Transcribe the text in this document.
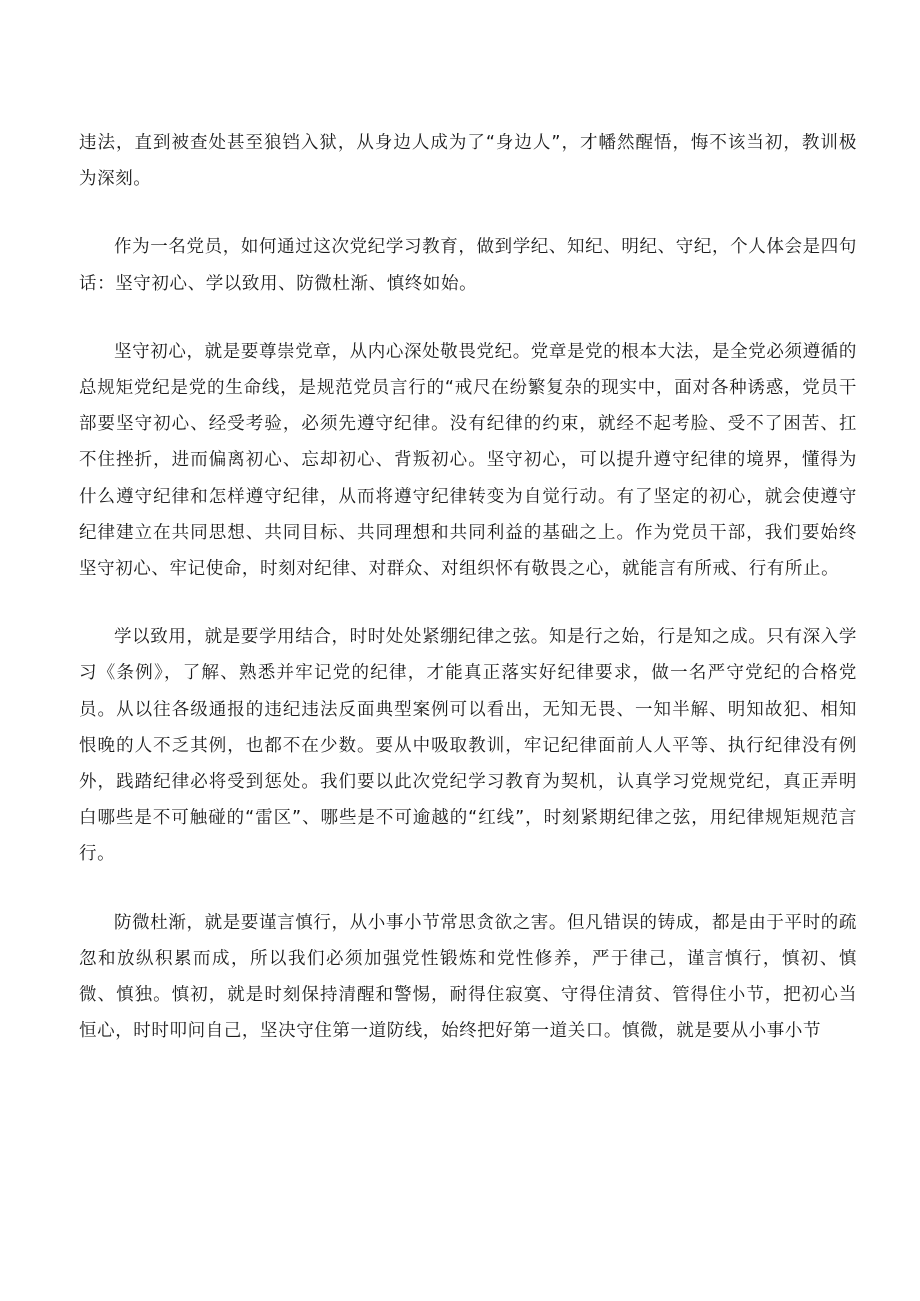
违法，直到被查处甚至狼铛入狱，从身边人成为了“身边人”，才幡然醒悟，悔不该当初，教训极为深刻。

作为一名党员，如何通过这次党纪学习教育，做到学纪、知纪、明纪、守纪，个人体会是四句话：坚守初心、学以致用、防微杜渐、慎终如始。

坚守初心，就是要尊崇党章，从内心深处敬畏党纪。党章是党的根本大法，是全党必须遵循的总规矩党纪是党的生命线，是规范党员言行的“戒尺在纷繁复杂的现实中，面对各种诱惑，党员干部要坚守初心、经受考验，必须先遵守纪律。没有纪律的约束，就经不起考脸、受不了困苦、扛不住挫折，进而偏离初心、忘却初心、背叛初心。坚守初心，可以提升遵守纪律的境界，懂得为什么遵守纪律和怎样遵守纪律，从而将遵守纪律转变为自觉行动。有了坚定的初心，就会使遵守纪律建立在共同思想、共同目标、共同理想和共同利益的基础之上。作为党员干部，我们要始终坚守初心、牢记使命，时刻对纪律、对群众、对组织怀有敬畏之心，就能言有所戒、行有所止。

学以致用，就是要学用结合，时时处处紧绷纪律之弦。知是行之始，行是知之成。只有深入学习《条例》，了解、熟悉并牢记党的纪律，才能真正落实好纪律要求，做一名严守党纪的合格党员。从以往各级通报的违纪违法反面典型案例可以看出，无知无畏、一知半解、明知故犯、相知恨晚的人不乏其例，也都不在少数。要从中吸取教训，牢记纪律面前人人平等、执行纪律没有例外，践踏纪律必将受到惩处。我们要以此次党纪学习教育为契机，认真学习党规党纪，真正弄明白哪些是不可触碰的“雷区”、哪些是不可逾越的“红线”，时刻紧期纪律之弦，用纪律规矩规范言行。

防微杜渐，就是要谨言慎行，从小事小节常思贪欲之害。但凡错误的铸成，都是由于平时的疏忽和放纵积累而成，所以我们必须加强党性锻炼和党性修养，严于律己，谨言慎行，慎初、慎微、慎独。慎初，就是时刻保持清醒和警惕，耐得住寂寞、守得住清贫、管得住小节，把初心当恒心，时时叩问自己，坚决守住第一道防线，始终把好第一道关口。慎微，就是要从小事小节
